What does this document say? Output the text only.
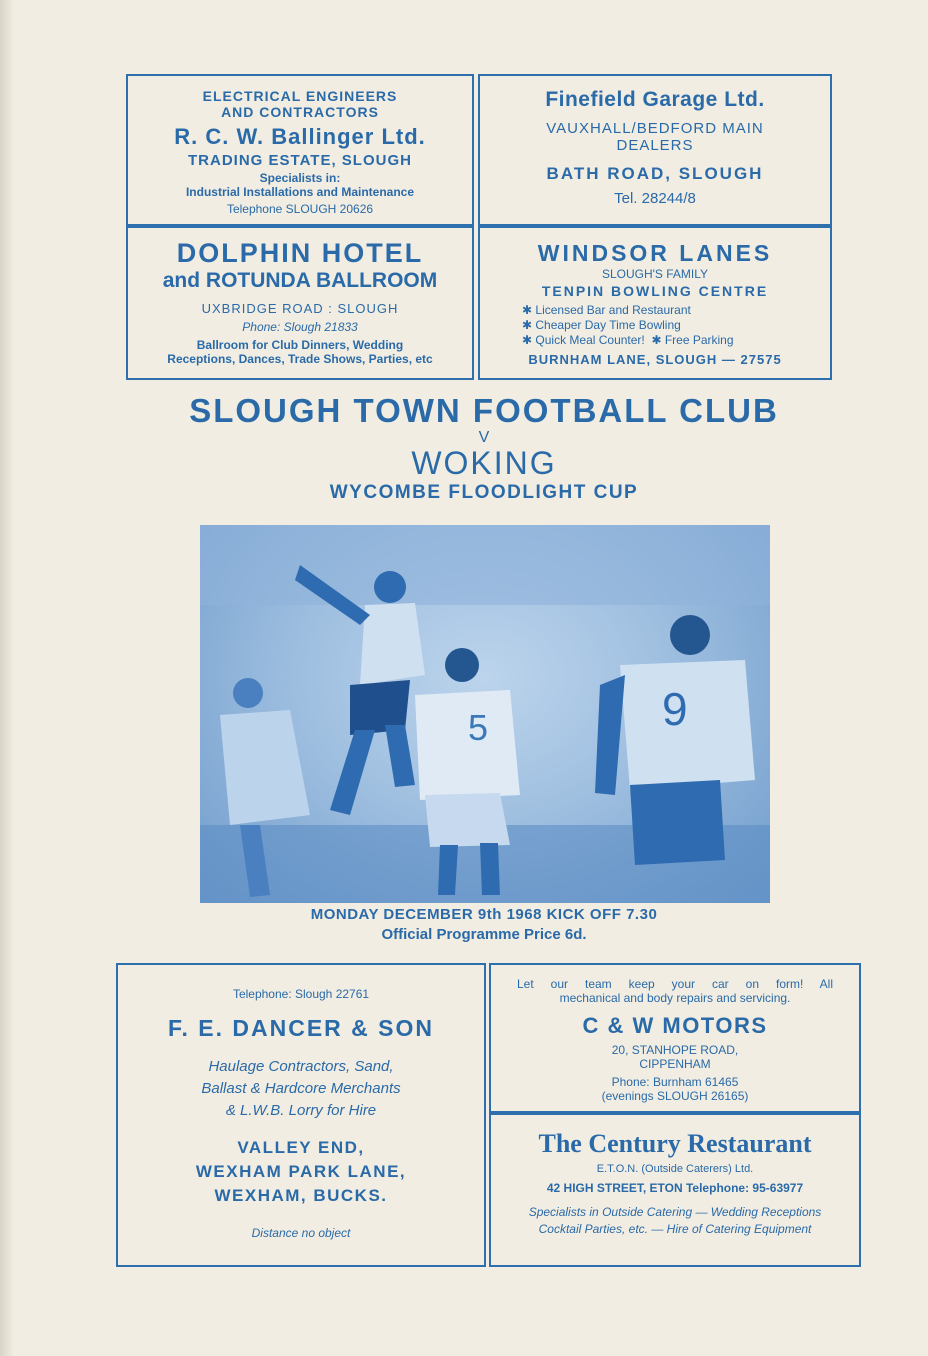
ELECTRICAL ENGINEERS
AND CONTRACTORS
R. C. W. Ballinger Ltd.
TRADING ESTATE, SLOUGH
Specialists in:
Industrial Installations and Maintenance
Telephone SLOUGH 20626
Finefield Garage Ltd.
VAUXHALL/BEDFORD MAIN
DEALERS
BATH ROAD, SLOUGH
Tel. 28244/8
DOLPHIN HOTEL
and ROTUNDA BALLROOM
UXBRIDGE ROAD : SLOUGH
Phone: Slough 21833
Ballroom for Club Dinners, Wedding
Receptions, Dances, Trade Shows, Parties, etc
WINDSOR LANES
SLOUGH'S FAMILY
TENPIN BOWLING CENTRE
✱ Licensed Bar and Restaurant
✱ Cheaper Day Time Bowling
✱ Quick Meal Counter! ✱ Free Parking
BURNHAM LANE, SLOUGH — 27575
SLOUGH TOWN FOOTBALL CLUB
V
WOKING
WYCOMBE FLOODLIGHT CUP
5	9
MONDAY DECEMBER 9th 1968 KICK OFF 7.30
Official Programme Price 6d.
Telephone: Slough 22761
F. E. DANCER & SON
Haulage Contractors, Sand,
Ballast & Hardcore Merchants
& L.W.B. Lorry for Hire
VALLEY END,
WEXHAM PARK LANE,
WEXHAM, BUCKS.
Distance no object
Let our team keep your car on form! All
mechanical and body repairs and servicing.
C & W MOTORS
20, STANHOPE ROAD,
CIPPENHAM
Phone: Burnham 61465
(evenings SLOUGH 26165)
The Century Restaurant
E.T.O.N. (Outside Caterers) Ltd.
42 HIGH STREET, ETON Telephone: 95-63977
Specialists in Outside Catering — Wedding Receptions
Cocktail Parties, etc. — Hire of Catering Equipment
